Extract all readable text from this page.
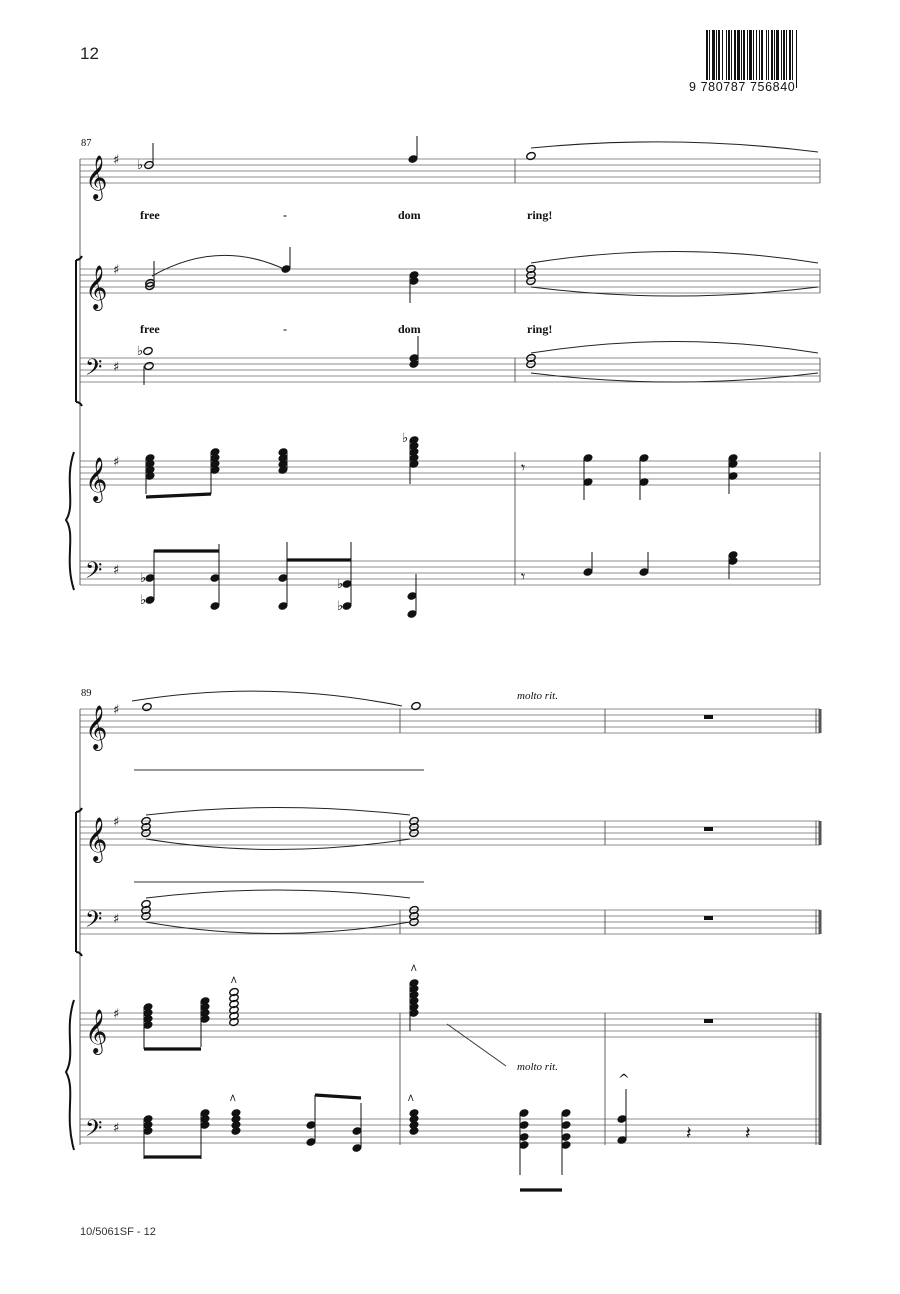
12
10/5061SF - 12
9 780787 756840
87
89
free	-	dom	ring!
free	-	dom	ring!
molto rit.
molto rit.
𝄞 ♯
𝄞 ♯
𝄢 ♯
𝄞 ♯
𝄢 ♯
♭
♭
♭
𝄾
♭
♭
♭
♭
𝄾
𝄞 ♯
𝄞 ♯
𝄢 ♯
𝄞 ♯
𝄢 ♯
>
>
>	>
^
𝄽	𝄽
